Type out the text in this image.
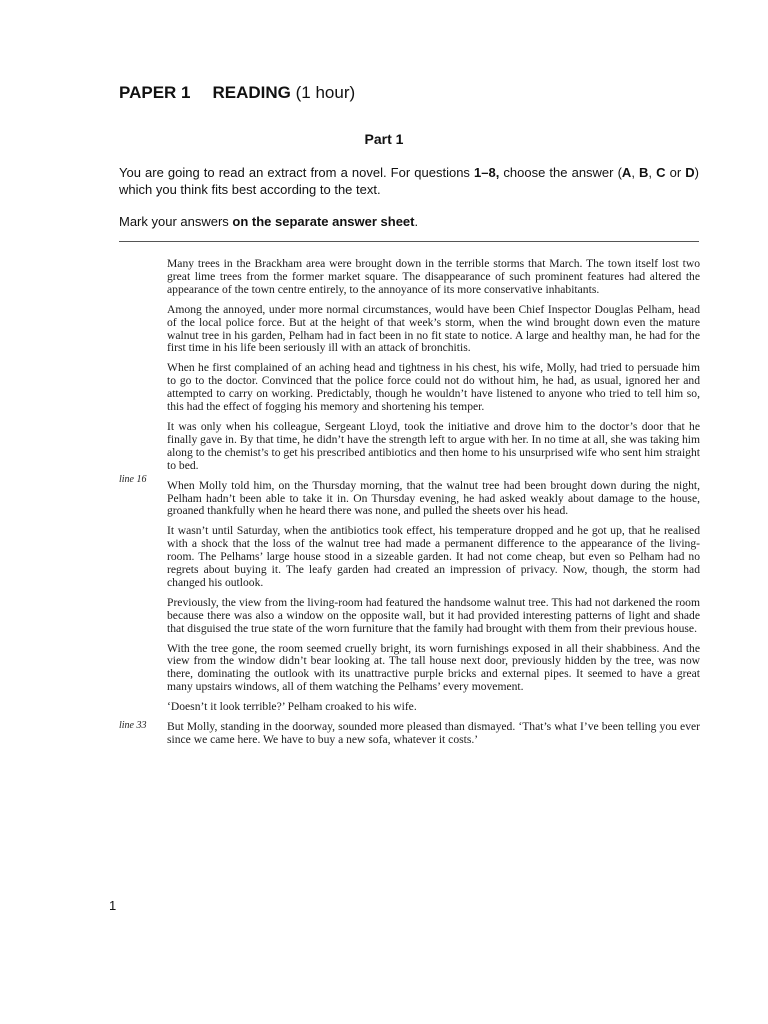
PAPER 1 READING (1 hour)
Part 1

You are going to read an extract from a novel. For questions 1–8, choose the answer (A, B, C or D) which you think fits best according to the text.

Mark your answers on the separate answer sheet.

line 16
line 33

Many trees in the Brackham area were brought down in the terrible storms that March. The town itself lost two great lime trees from the former market square. The disappearance of such prominent features had altered the appearance of the town centre entirely, to the annoyance of its more conservative inhabitants.

Among the annoyed, under more normal circumstances, would have been Chief Inspector Douglas Pelham, head of the local police force. But at the height of that week’s storm, when the wind brought down even the mature walnut tree in his garden, Pelham had in fact been in no fit state to notice. A large and healthy man, he had for the first time in his life been seriously ill with an attack of bronchitis.

When he first complained of an aching head and tightness in his chest, his wife, Molly, had tried to persuade him to go to the doctor. Convinced that the police force could not do without him, he had, as usual, ignored her and attempted to carry on working. Predictably, though he wouldn’t have listened to anyone who tried to tell him so, this had the effect of fogging his memory and shortening his temper.

It was only when his colleague, Sergeant Lloyd, took the initiative and drove him to the doctor’s door that he finally gave in. By that time, he didn’t have the strength left to argue with her. In no time at all, she was taking him along to the chemist’s to get his prescribed antibiotics and then home to his unsurprised wife who sent him straight to bed.

When Molly told him, on the Thursday morning, that the walnut tree had been brought down during the night, Pelham hadn’t been able to take it in. On Thursday evening, he had asked weakly about damage to the house, groaned thankfully when he heard there was none, and pulled the sheets over his head.

It wasn’t until Saturday, when the antibiotics took effect, his temperature dropped and he got up, that he realised with a shock that the loss of the walnut tree had made a permanent difference to the appearance of the living-room. The Pelhams’ large house stood in a sizeable garden. It had not come cheap, but even so Pelham had no regrets about buying it. The leafy garden had created an impression of privacy. Now, though, the storm had changed his outlook.

Previously, the view from the living-room had featured the handsome walnut tree. This had not darkened the room because there was also a window on the opposite wall, but it had provided interesting patterns of light and shade that disguised the true state of the worn furniture that the family had brought with them from their previous house.

With the tree gone, the room seemed cruelly bright, its worn furnishings exposed in all their shabbiness. And the view from the window didn’t bear looking at. The tall house next door, previously hidden by the tree, was now there, dominating the outlook with its unattractive purple bricks and external pipes. It seemed to have a great many upstairs windows, all of them watching the Pelhams’ every movement.

‘Doesn’t it look terrible?’ Pelham croaked to his wife.

But Molly, standing in the doorway, sounded more pleased than dismayed. ‘That’s what I’ve been telling you ever since we came here. We have to buy a new sofa, whatever it costs.’

1
